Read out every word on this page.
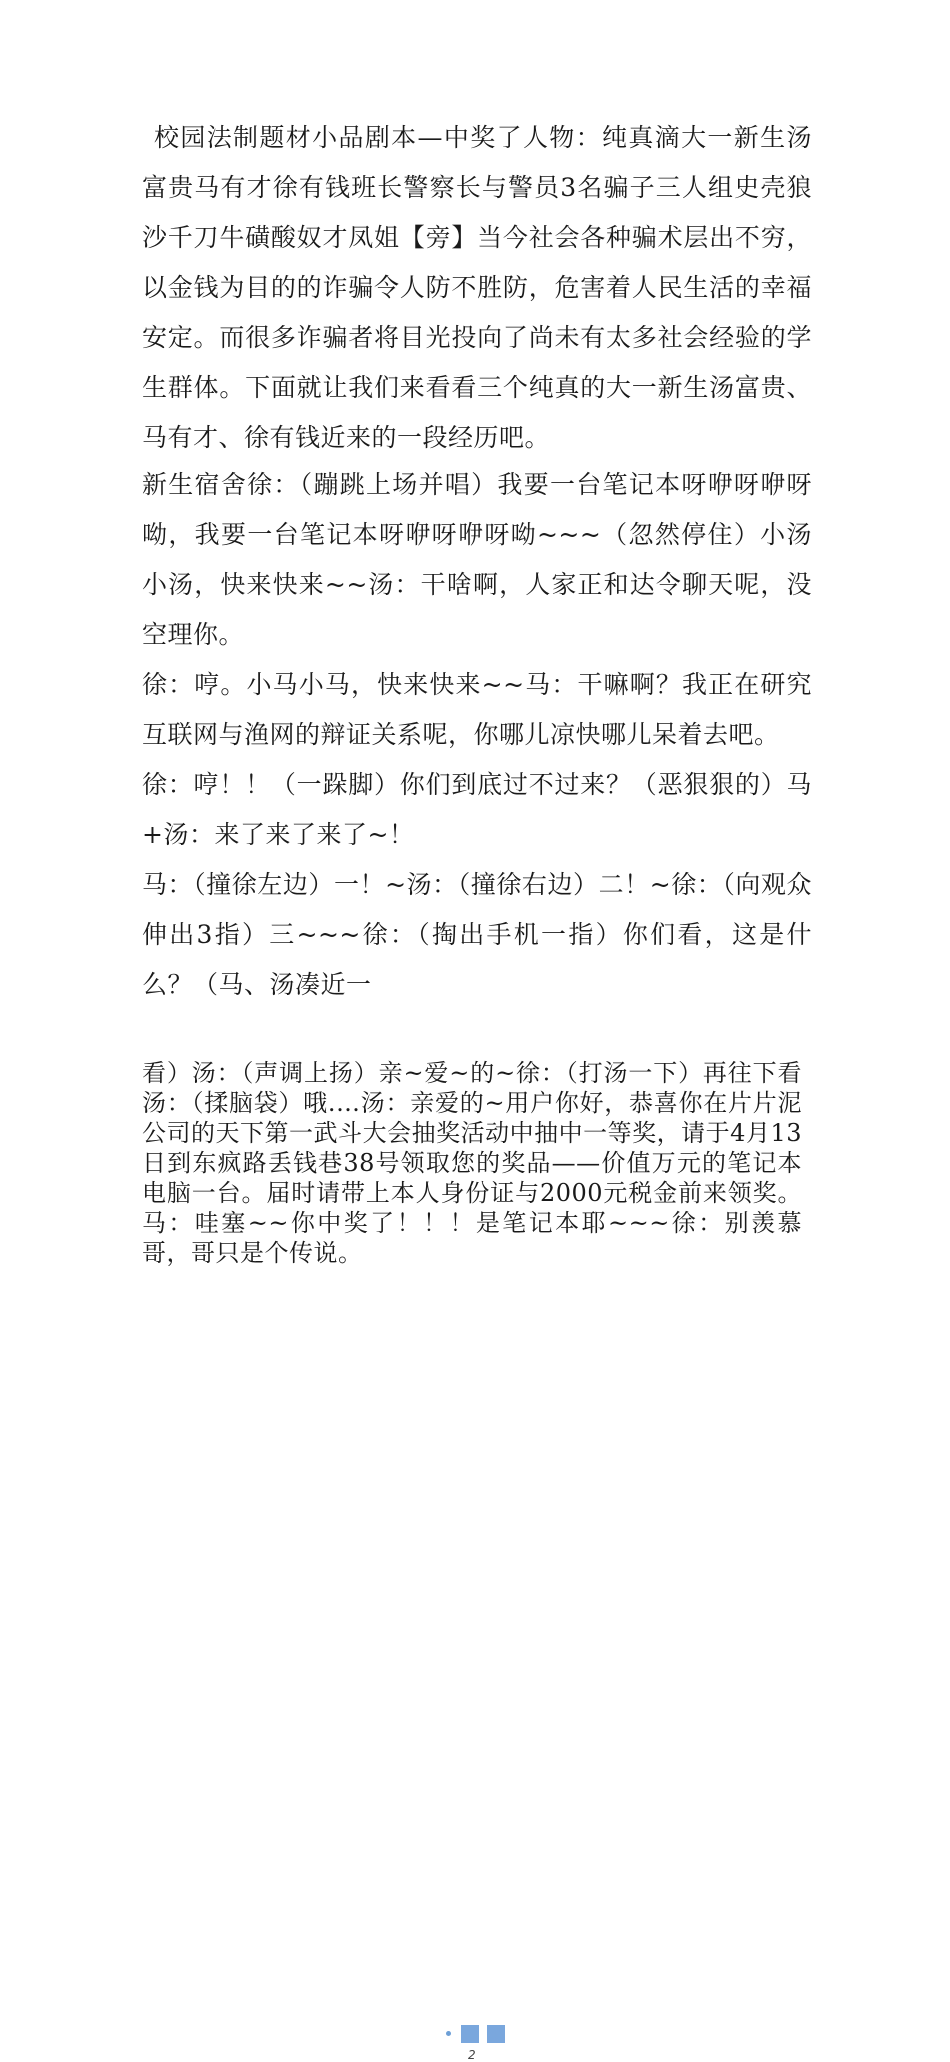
校园法制题材小品剧本—中奖了人物：纯真滴大一新生汤富贵马有才徐有钱班长警察长与警员3名骗子三人组史壳狼沙千刀牛磺酸奴才凤姐【旁】当今社会各种骗术层出不穷，以金钱为目的的诈骗令人防不胜防，危害着人民生活的幸福安定。而很多诈骗者将目光投向了尚未有太多社会经验的学生群体。下面就让我们来看看三个纯真的大一新生汤富贵、马有才、徐有钱近来的一段经历吧。

新生宿舍徐：（蹦跳上场并唱）我要一台笔记本呀咿呀咿呀呦，我要一台笔记本呀咿呀咿呀呦~~~（忽然停住）小汤小汤，快来快来~~汤：干啥啊，人家正和达令聊天呢，没空理你。

徐：哼。小马小马，快来快来~~马：干嘛啊？我正在研究互联网与渔网的辩证关系呢，你哪儿凉快哪儿呆着去吧。

徐：哼！！（一跺脚）你们到底过不过来？（恶狠狠的）马+汤：来了来了来了~！

马：（撞徐左边）一！~汤：（撞徐右边）二！~徐：（向观众伸出3指）三~~~徐：（掏出手机一指）你们看，这是什么？（马、汤凑近一

2

看）汤：（声调上扬）亲~爱~的~徐：（打汤一下）再往下看汤：（揉脑袋）哦.…汤：亲爱的~用户你好，恭喜你在片片泥公司的天下第一武斗大会抽奖活动中抽中一等奖，请于4月13日到东疯路丢钱巷38号领取您的奖品——价值万元的笔记本电脑一台。届时请带上本人身份证与2000元税金前来领奖。马：哇塞~~你中奖了！！！是笔记本耶~~~徐：别羡慕哥，哥只是个传说。
